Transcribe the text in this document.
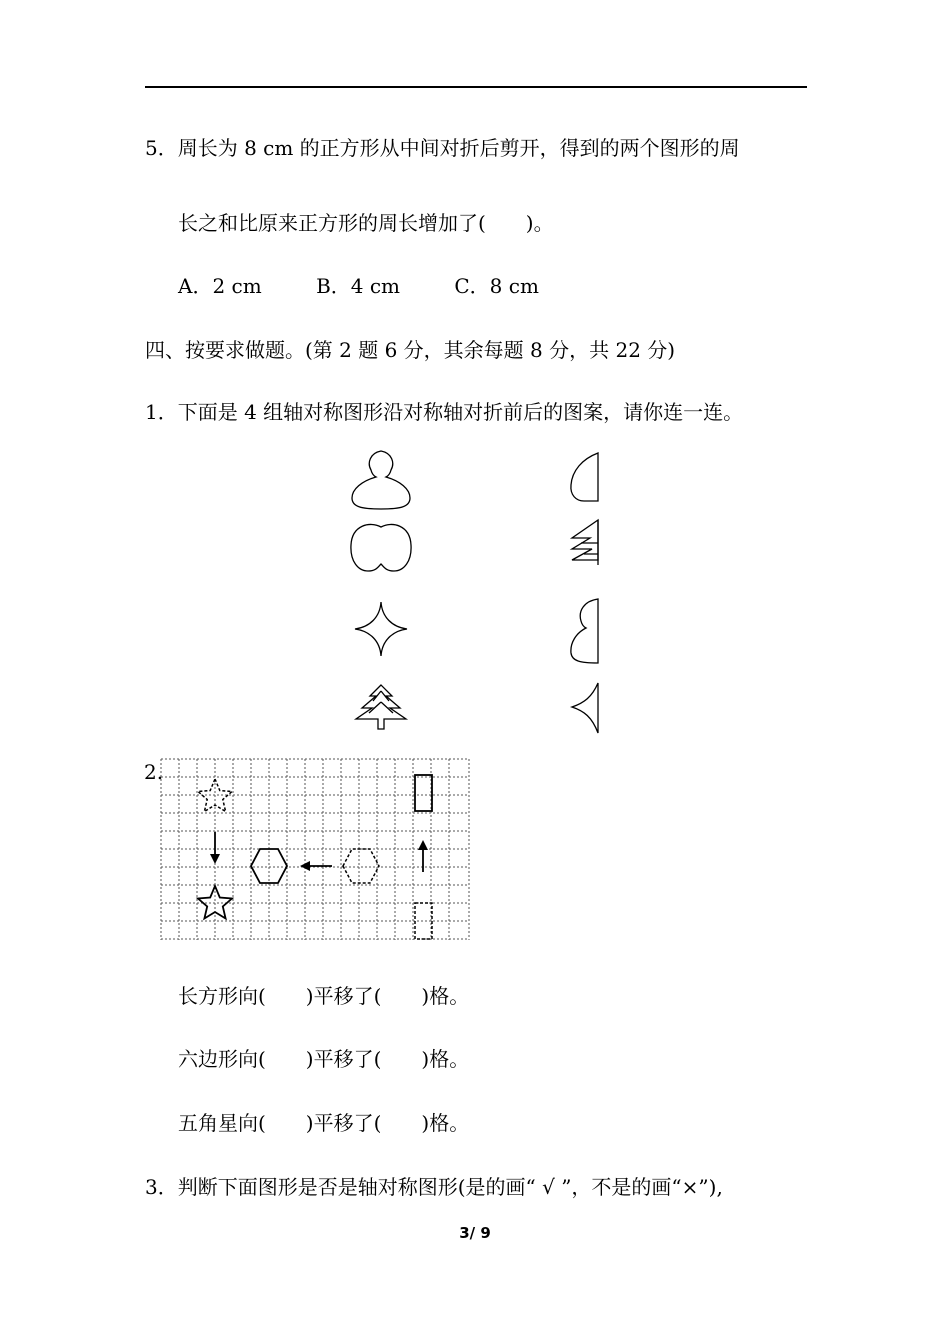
5．周长为 8 cm 的正方形从中间对折后剪开，得到的两个图形的周
长之和比原来正方形的周长增加了(　　)。
A．2 cm	B．4 cm	C．8 cm
四、按要求做题。(第 2 题 6 分，其余每题 8 分，共 22 分)
1．下面是 4 组轴对称图形沿对称轴对折前后的图案，请你连一连。
2.
长方形向(　　)平移了(　　)格。
六边形向(　　)平移了(　　)格。
五角星向(　　)平移了(　　)格。
3．判断下面图形是否是轴对称图形(是的画“ √ ”，不是的画“×”),
3/ 9
